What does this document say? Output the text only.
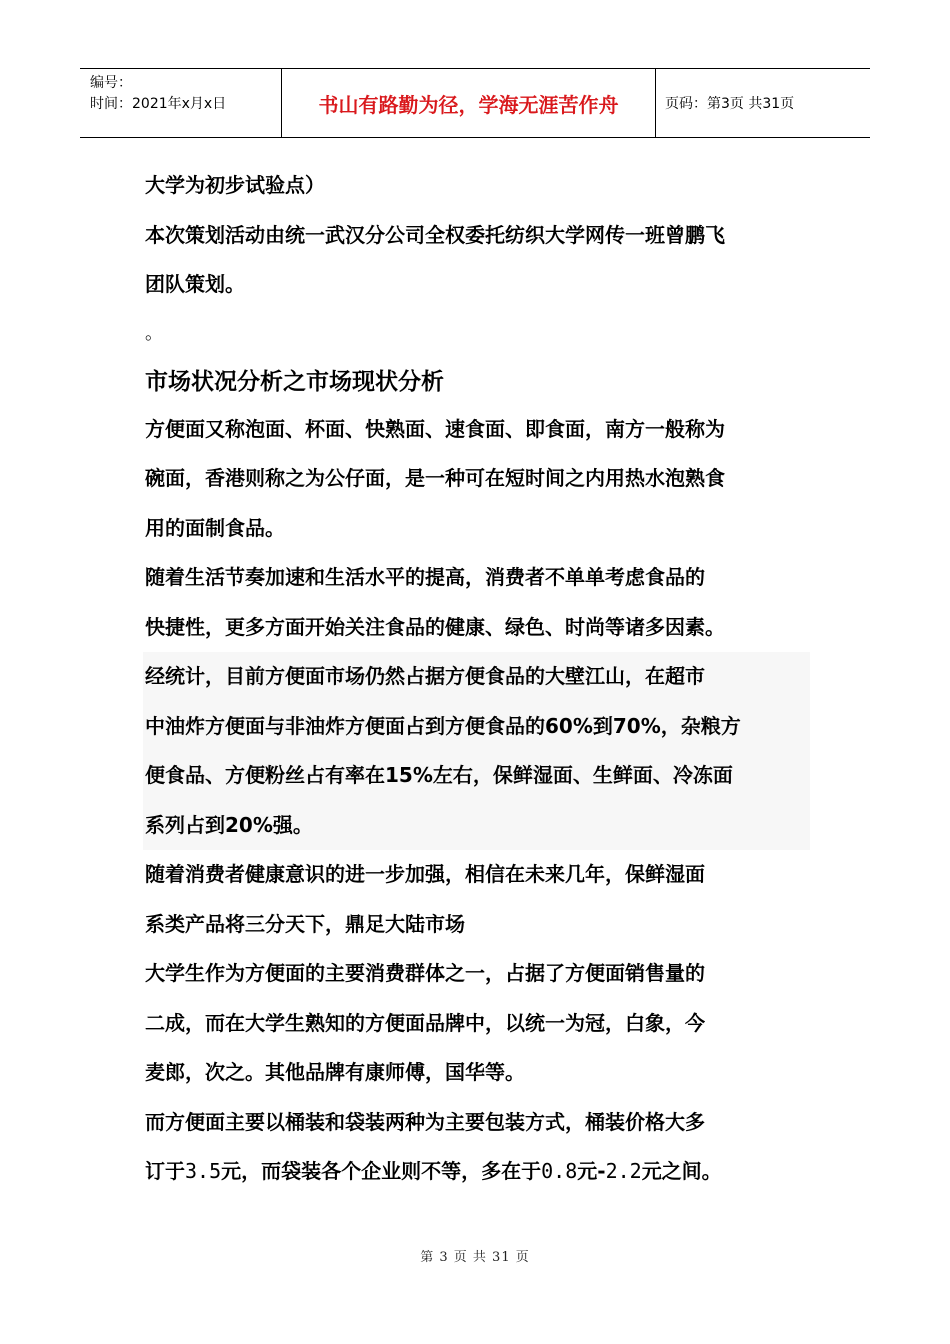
编号：
时间：2021年x月x日	书山有路勤为径，学海无涯苦作舟	页码：第3页 共31页

大学为初步试验点）

本次策划活动由统一武汉分公司全权委托纺织大学网传一班曾鹏飞

团队策划。

。

市场状况分析之市场现状分析

方便面又称泡面、杯面、快熟面、速食面、即食面，南方一般称为

碗面，香港则称之为公仔面，是一种可在短时间之内用热水泡熟食

用的面制食品。

随着生活节奏加速和生活水平的提高，消费者不单单考虑食品的

快捷性，更多方面开始关注食品的健康、绿色、时尚等诸多因素。

经统计，目前方便面市场仍然占据方便食品的大壁江山，在超市

中油炸方便面与非油炸方便面占到方便食品的60%到70%，杂粮方

便食品、方便粉丝占有率在15%左右，保鲜湿面、生鲜面、冷冻面

系列占到20%强。

随着消费者健康意识的进一步加强，相信在未来几年，保鲜湿面

系类产品将三分天下，鼎足大陆市场

大学生作为方便面的主要消费群体之一，占据了方便面销售量的

二成，而在大学生熟知的方便面品牌中，以统一为冠，白象，今

麦郎，次之。其他品牌有康师傅，国华等。

而方便面主要以桶装和袋装两种为主要包装方式，桶装价格大多

订于3.5元，而袋装各个企业则不等，多在于0.8元-2.2元之间。

第 3 页 共 31 页
